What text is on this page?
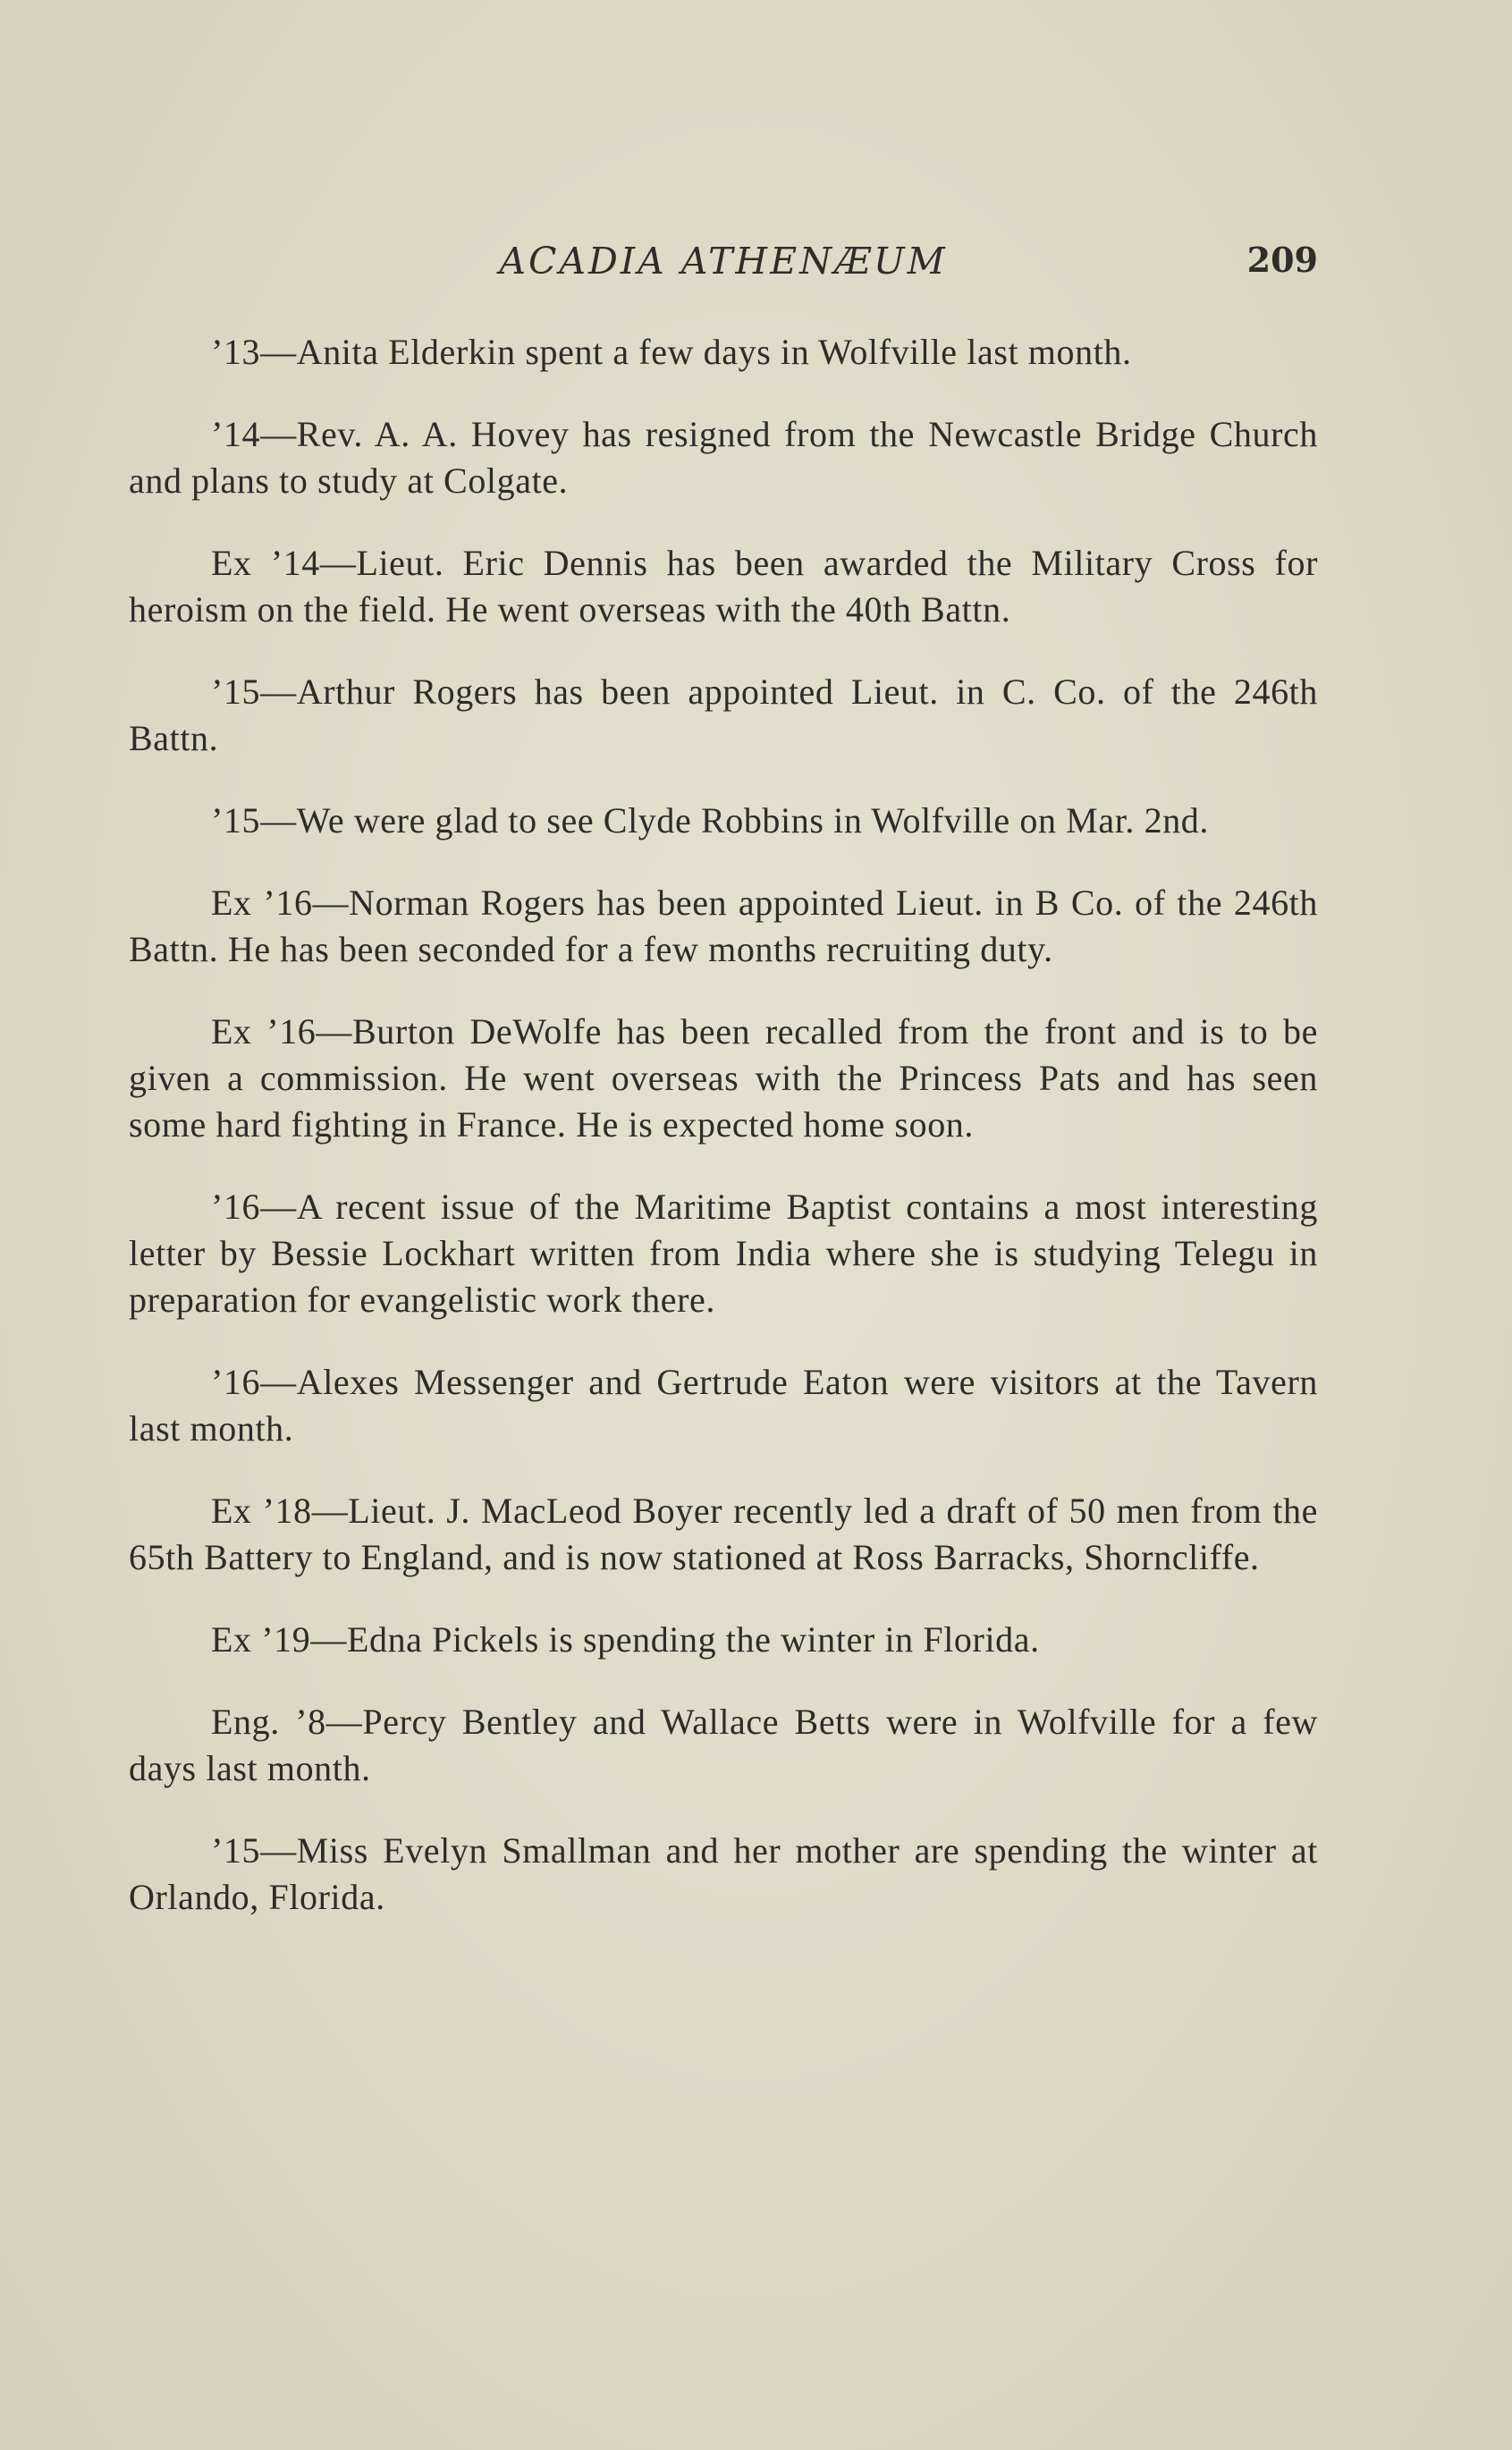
ACADIA ATHENÆUM	209

’13—Anita Elderkin spent a few days in Wolfville last month.

’14—Rev. A. A. Hovey has resigned from the Newcastle Bridge Church and plans to study at Colgate.

Ex ’14—Lieut. Eric Dennis has been awarded the Military Cross for heroism on the field. He went overseas with the 40th Battn.

’15—Arthur Rogers has been appointed Lieut. in C. Co. of the 246th Battn.

’15—We were glad to see Clyde Robbins in Wolfville on Mar. 2nd.

Ex ’16—Norman Rogers has been appointed Lieut. in B Co. of the 246th Battn. He has been seconded for a few months recruiting duty.

Ex ’16—Burton DeWolfe has been recalled from the front and is to be given a commission. He went overseas with the Princess Pats and has seen some hard fighting in France. He is expected home soon.

’16—A recent issue of the Maritime Baptist contains a most interesting letter by Bessie Lockhart written from India where she is studying Telegu in preparation for evangelistic work there.

’16—Alexes Messenger and Gertrude Eaton were visitors at the Tavern last month.

Ex ’18—Lieut. J. MacLeod Boyer recently led a draft of 50 men from the 65th Battery to England, and is now stationed at Ross Barracks, Shorncliffe.

Ex ’19—Edna Pickels is spending the winter in Florida.

Eng. ’8—Percy Bentley and Wallace Betts were in Wolfville for a few days last month.

’15—Miss Evelyn Smallman and her mother are spending the winter at Orlando, Florida.
